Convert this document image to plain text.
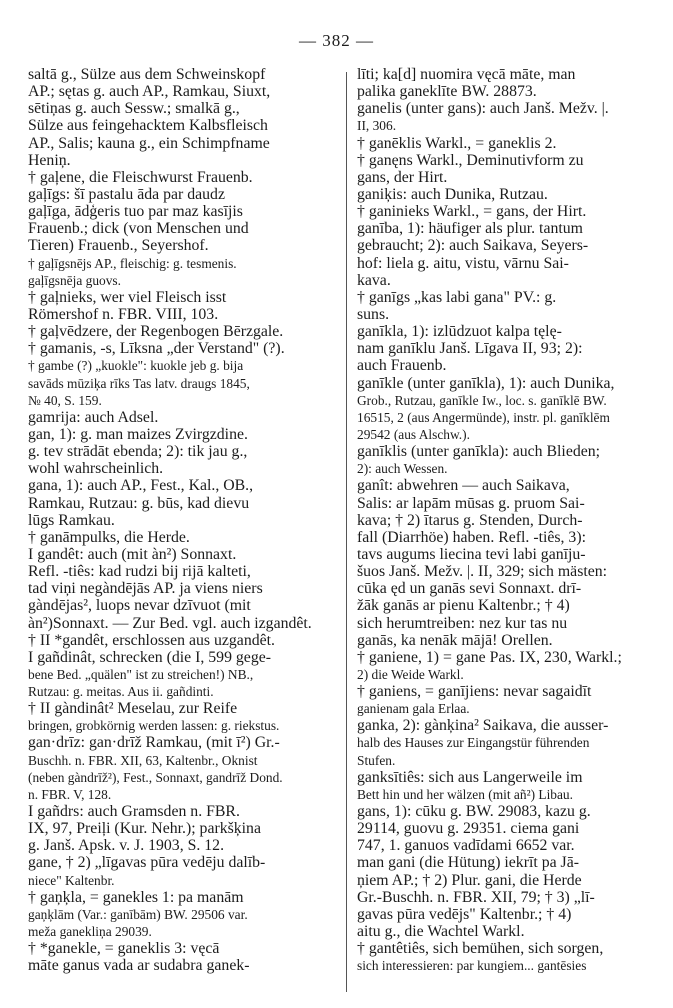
— 382 —
saltā g., Sülze aus dem Schweinskopf
AP.; sętas g. auch AP., Ramkau, Siuxt,
sētiņas g. auch Sessw.; smalkā g.,
Sülze aus feingehacktem Kalbsfleisch
AP., Salis; kauna g., ein Schimpfname
Heniņ.
† gaļene, die Fleischwurst Frauenb.
gaļīgs: šī pastalu āda par daudz
gaļīga, ādģeris tuo par maz kasījis
Frauenb.; dick (von Menschen und
Tieren) Frauenb., Seyershof.
† gaļīgsnējs AP., fleischig: g. tesmenis.
gaļīgsnēja guovs.
† gaļnieks, wer viel Fleisch isst
Römershof n. FBR. VIII, 103.
† gaļvēdzere, der Regenbogen Bērzgale.
† gamanis, -s, Līksna „der Verstand" (?).
† gambe (?) „kuokle": kuokle jeb g. bija
savāds mūziķa rīks Tas latv. draugs 1845,
№ 40, S. 159.
gamrija: auch Adsel.
gan, 1): g. man maizes Zvirgzdine.
g. tev strādāt ebenda; 2): tik jau g.,
wohl wahrscheinlich.
gana, 1): auch AP., Fest., Kal., OB.,
Ramkau, Rutzau: g. būs, kad dievu
lūgs Ramkau.
† ganāmpulks, die Herde.
I gandêt: auch (mit àn²) Sonnaxt.
Refl. -tiês: kad rudzi bij rijā kalteti,
tad viņi negàndējās AP. ja viens niers
gàndējas², luops nevar dzīvuot (mit
àn²)Sonnaxt. — Zur Bed. vgl. auch izgandêt.
† II *gandêt, erschlossen aus uzgandêt.
I gañdinât, schrecken (die I, 599 gege-
bene Bed. „quälen" ist zu streichen!) NB.,
Rutzau: g. meitas. Aus ii. gañdinti.
† II gàndinât² Meselau, zur Reife
bringen, grobkörnig werden lassen: g. riekstus.
gan·drīz: gan·drīž Ramkau, (mit ī²) Gr.-
Buschh. n. FBR. XII, 63, Kaltenbr., Oknist
(neben gàndrīž²), Fest., Sonnaxt, gandrīž Dond.
n. FBR. V, 128.
I gañdrs: auch Gramsden n. FBR.
IX, 97, Preiļi (Kur. Nehr.); parkšķina
g. Janš. Apsk. v. J. 1903, S. 12.
gane, † 2) „līgavas pūra vedēju dalīb-
niece" Kaltenbr.
† gaņķla, = ganekles 1: pa manām
gaņķlām (Var.: ganībām) BW. 29506 var.
meža ganekliņa 29039.
† *ganekle, = ganeklis 3: vęcā
māte ganus vada ar sudabra ganek-
līti; ka[d] nuomira vęcā māte, man
palika ganeklīte BW. 28873.
ganelis (unter gans): auch Janš. Mežv. |.
II, 306.
† ganēklis Warkl., = ganeklis 2.
† ganęns Warkl., Deminutivform zu
gans, der Hirt.
ganiķis: auch Dunika, Rutzau.
† ganinieks Warkl., = gans, der Hirt.
ganība, 1): häufiger als plur. tantum
gebraucht; 2): auch Saikava, Seyers-
hof: liela g. aitu, vistu, vārnu Sai-
kava.
† ganīgs „kas labi gana" PV.: g.
suns.
ganīkla, 1): izlūdzuot kalpa tęlę-
nam ganīklu Janš. Līgava II, 93; 2):
auch Frauenb.
ganīkle (unter ganīkla), 1): auch Dunika,
Grob., Rutzau, ganīkle Iw., loc. s. ganīklē BW.
16515, 2 (aus Angermünde), instr. pl. ganīklēm
29542 (aus Alschw.).
ganīklis (unter ganīkla): auch Blieden;
2): auch Wessen.
ganît: abwehren — auch Saikava,
Salis: ar lapām mūsas g. pruom Sai-
kava; † 2) ītarus g. Stenden, Durch-
fall (Diarrhöe) haben. Refl. -tiês, 3):
tavs augums liecina tevi labi ganīju-
šuos Janš. Mežv. |. II, 329; sich mästen:
cūka ęd un ganās sevi Sonnaxt. drī-
žāk ganās ar pienu Kaltenbr.; † 4)
sich herumtreiben: nez kur tas nu
ganās, ka nenāk mājā! Orellen.
† ganiene, 1) = gane Pas. IX, 230, Warkl.;
2) die Weide Warkl.
† ganiens, = ganījiens: nevar sagaidīt
ganienam gala Erlaa.
ganka, 2): gànķina² Saikava, die ausser-
halb des Hauses zur Eingangstür führenden
Stufen.
ganksītiês: sich aus Langerweile im
Bett hin und her wälzen (mit añ²) Libau.
gans, 1): cūku g. BW. 29083, kazu g.
29114, guovu g. 29351. ciema gani
747, 1. ganuos vadīdami 6652 var.
man gani (die Hütung) iekrīt pa Jā-
ņiem AP.; † 2) Plur. gani, die Herde
Gr.-Buschh. n. FBR. XII, 79; † 3) „lī-
gavas pūra vedējs" Kaltenbr.; † 4)
aitu g., die Wachtel Warkl.
† gantêtiês, sich bemühen, sich sorgen,
sich interessieren: par kungiem... gantēsies
